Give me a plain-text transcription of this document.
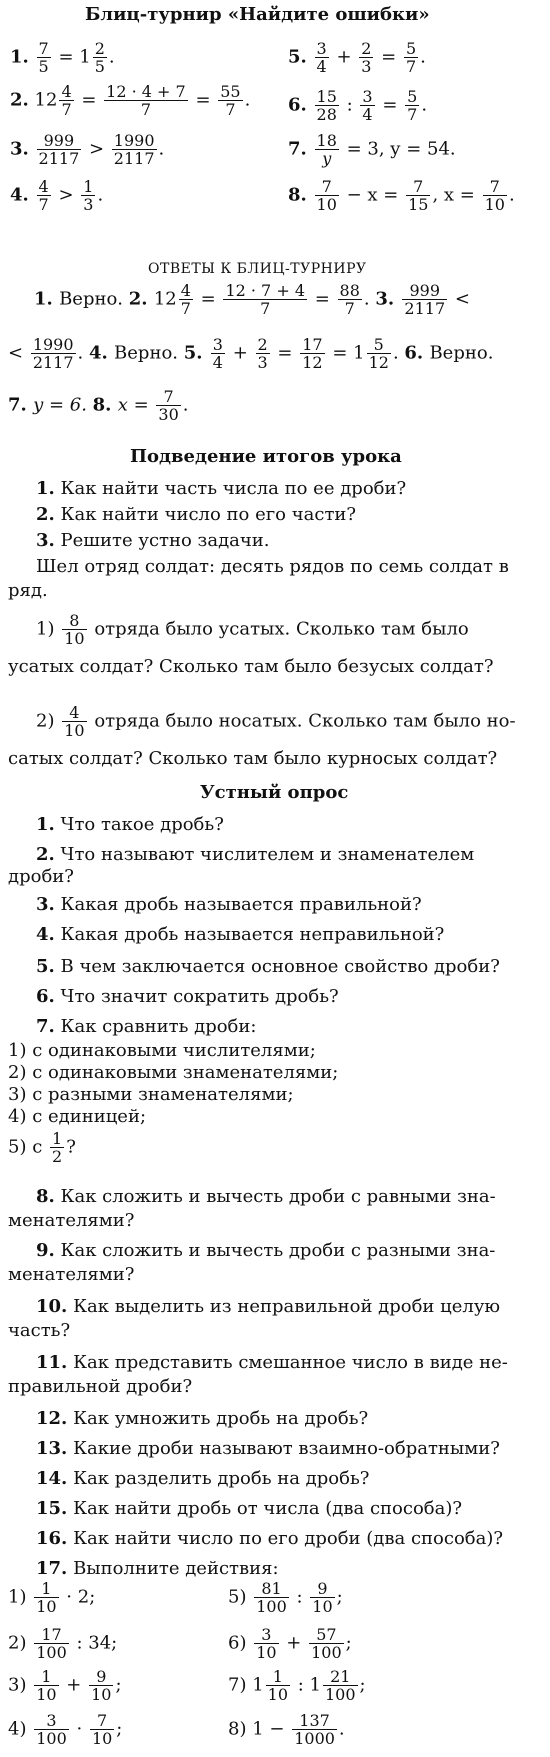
Блиц-турнир «Найдите ошибки»
1. $\frac{7}{5} = 1 \frac{2}{5}$ .
2. $12 \frac{4}{7} = \frac{12 \cdot 4 + 7}{7} = \frac{55}{7}$ .
3. $\frac{999}{2117} > \frac{1990}{2117}$ .
4. $\frac{4}{7} > \frac{1}{3}$ .
5. $\frac{3}{4} + \frac{2}{3} = \frac{5}{7}$ .
6. $\frac{15}{28}$ : $\frac{3}{4} = \frac{5}{7}$ .
7. $\frac{18}{y} = 3$, y = 54.
8. $\frac{7}{10} - x = \frac{7}{15}$ , $x = \frac{7}{10}$ .
ОТВЕТЫ К БЛИЦ-ТУРНИРУ
1. Верно. 2. $12 \frac{4}{7} = \frac{12 \cdot 7 + 4}{7} = \frac{88}{7}$ . 3. $\frac{999}{2117}$ <
< $\frac{1990}{2117}$ . 4. Верно. 5. $\frac{3}{4} + \frac{2}{3} = \frac{17}{12} = 1 \frac{5}{12}$ . 6. Верно.
7. y = 6. 8. $x = \frac{7}{30}$ .
Подведение итогов урока
1. Как найти часть числа по ее дроби?
2. Как найти число по его части?
3. Решите устно задачи.
Шел отряд солдат: десять рядов по семь солдат в
ряд.
$1) \frac{8}{10}$ отряда было усатых. Сколько там было
усатых солдат? Сколько там было безусых солдат?
$2) \frac{4}{10}$ отряда было носатых. Сколько там было но-
сатых солдат? Сколько там было курносых солдат?
Устный опрос
1. Что такое дробь?
2. Что называют числителем и знаменателем
дроби?
3. Какая дробь называется правильной?
4. Какая дробь называется неправильной?
5. В чем заключается основное свойство дроби?
6. Что значит сократить дробь?
7. Как сравнить дроби:
1) с одинаковыми числителями;
2) с одинаковыми знаменателями;
3) с разными знаменателями;
4) с единицей;
5) с $\frac{1}{2}$ ?
8. Как сложить и вычесть дроби с равными зна-
менателями?
9. Как сложить и вычесть дроби с разными зна-
менателями?
10. Как выделить из неправильной дроби целую
часть?
11. Как представить смешанное число в виде не-
правильной дроби?
12. Как умножить дробь на дробь?
13. Какие дроби называют взаимно-обратными?
14. Как разделить дробь на дробь?
15. Как найти дробь от числа (два способа)?
16. Как найти число по его дроби (два способа)?
17. Выполните действия:
$1) \frac{1}{10} \cdot 2$;
$2) \frac{17}{100}$ : 34;
$3) \frac{1}{10} + \frac{9}{10}$ ;
$4) \frac{3}{100} \cdot \frac{7}{10}$ ;
$5) \frac{81}{100}$ : $\frac{9}{10}$ ;
$6) \frac{3}{10} + \frac{57}{100}$ ;
7) $1 \frac{1}{10}$ : $1 \frac{21}{100}$ ;
8) $1 - \frac{137}{1000}$ .
